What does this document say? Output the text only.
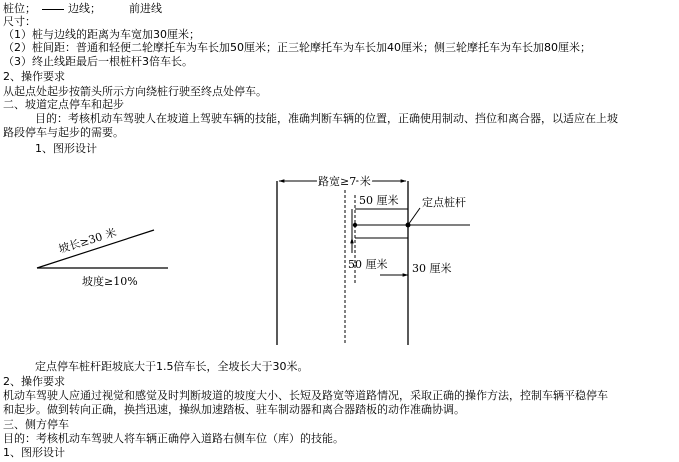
桩位；	边线；	前进线
尺寸：
（1）桩与边线的距离为车宽加30厘米；
（2）桩间距：普通和轻便二轮摩托车为车长加50厘米；正三轮摩托车为车长加40厘米；侧三轮摩托车为车长加80厘米；
（3）终止线距最后一根桩杆3倍车长。
2、操作要求
从起点处起步按箭头所示方向绕桩行驶至终点处停车。
二、坡道定点停车和起步
目的：考核机动车驾驶人在坡道上驾驶车辆的技能，准确判断车辆的位置，正确使用制动、挡位和离合器，以适应在上坡
路段停车与起步的需要。
1、图形设计
坡长≥30 米
坡度≥10%
路宽≥7 米
50 厘米 定点桩杆
50 厘米 30 厘米
定点停车桩杆距坡底大于1.5倍车长，全坡长大于30米。
2、操作要求
机动车驾驶人应通过视觉和感觉及时判断坡道的坡度大小、长短及路宽等道路情况，采取正确的操作方法，控制车辆平稳停车
和起步。做到转向正确，换挡迅速，操纵加速踏板、驻车制动器和离合器踏板的动作准确协调。
三、侧方停车
目的：考核机动车驾驶人将车辆正确停入道路右侧车位（库）的技能。
1、图形设计
